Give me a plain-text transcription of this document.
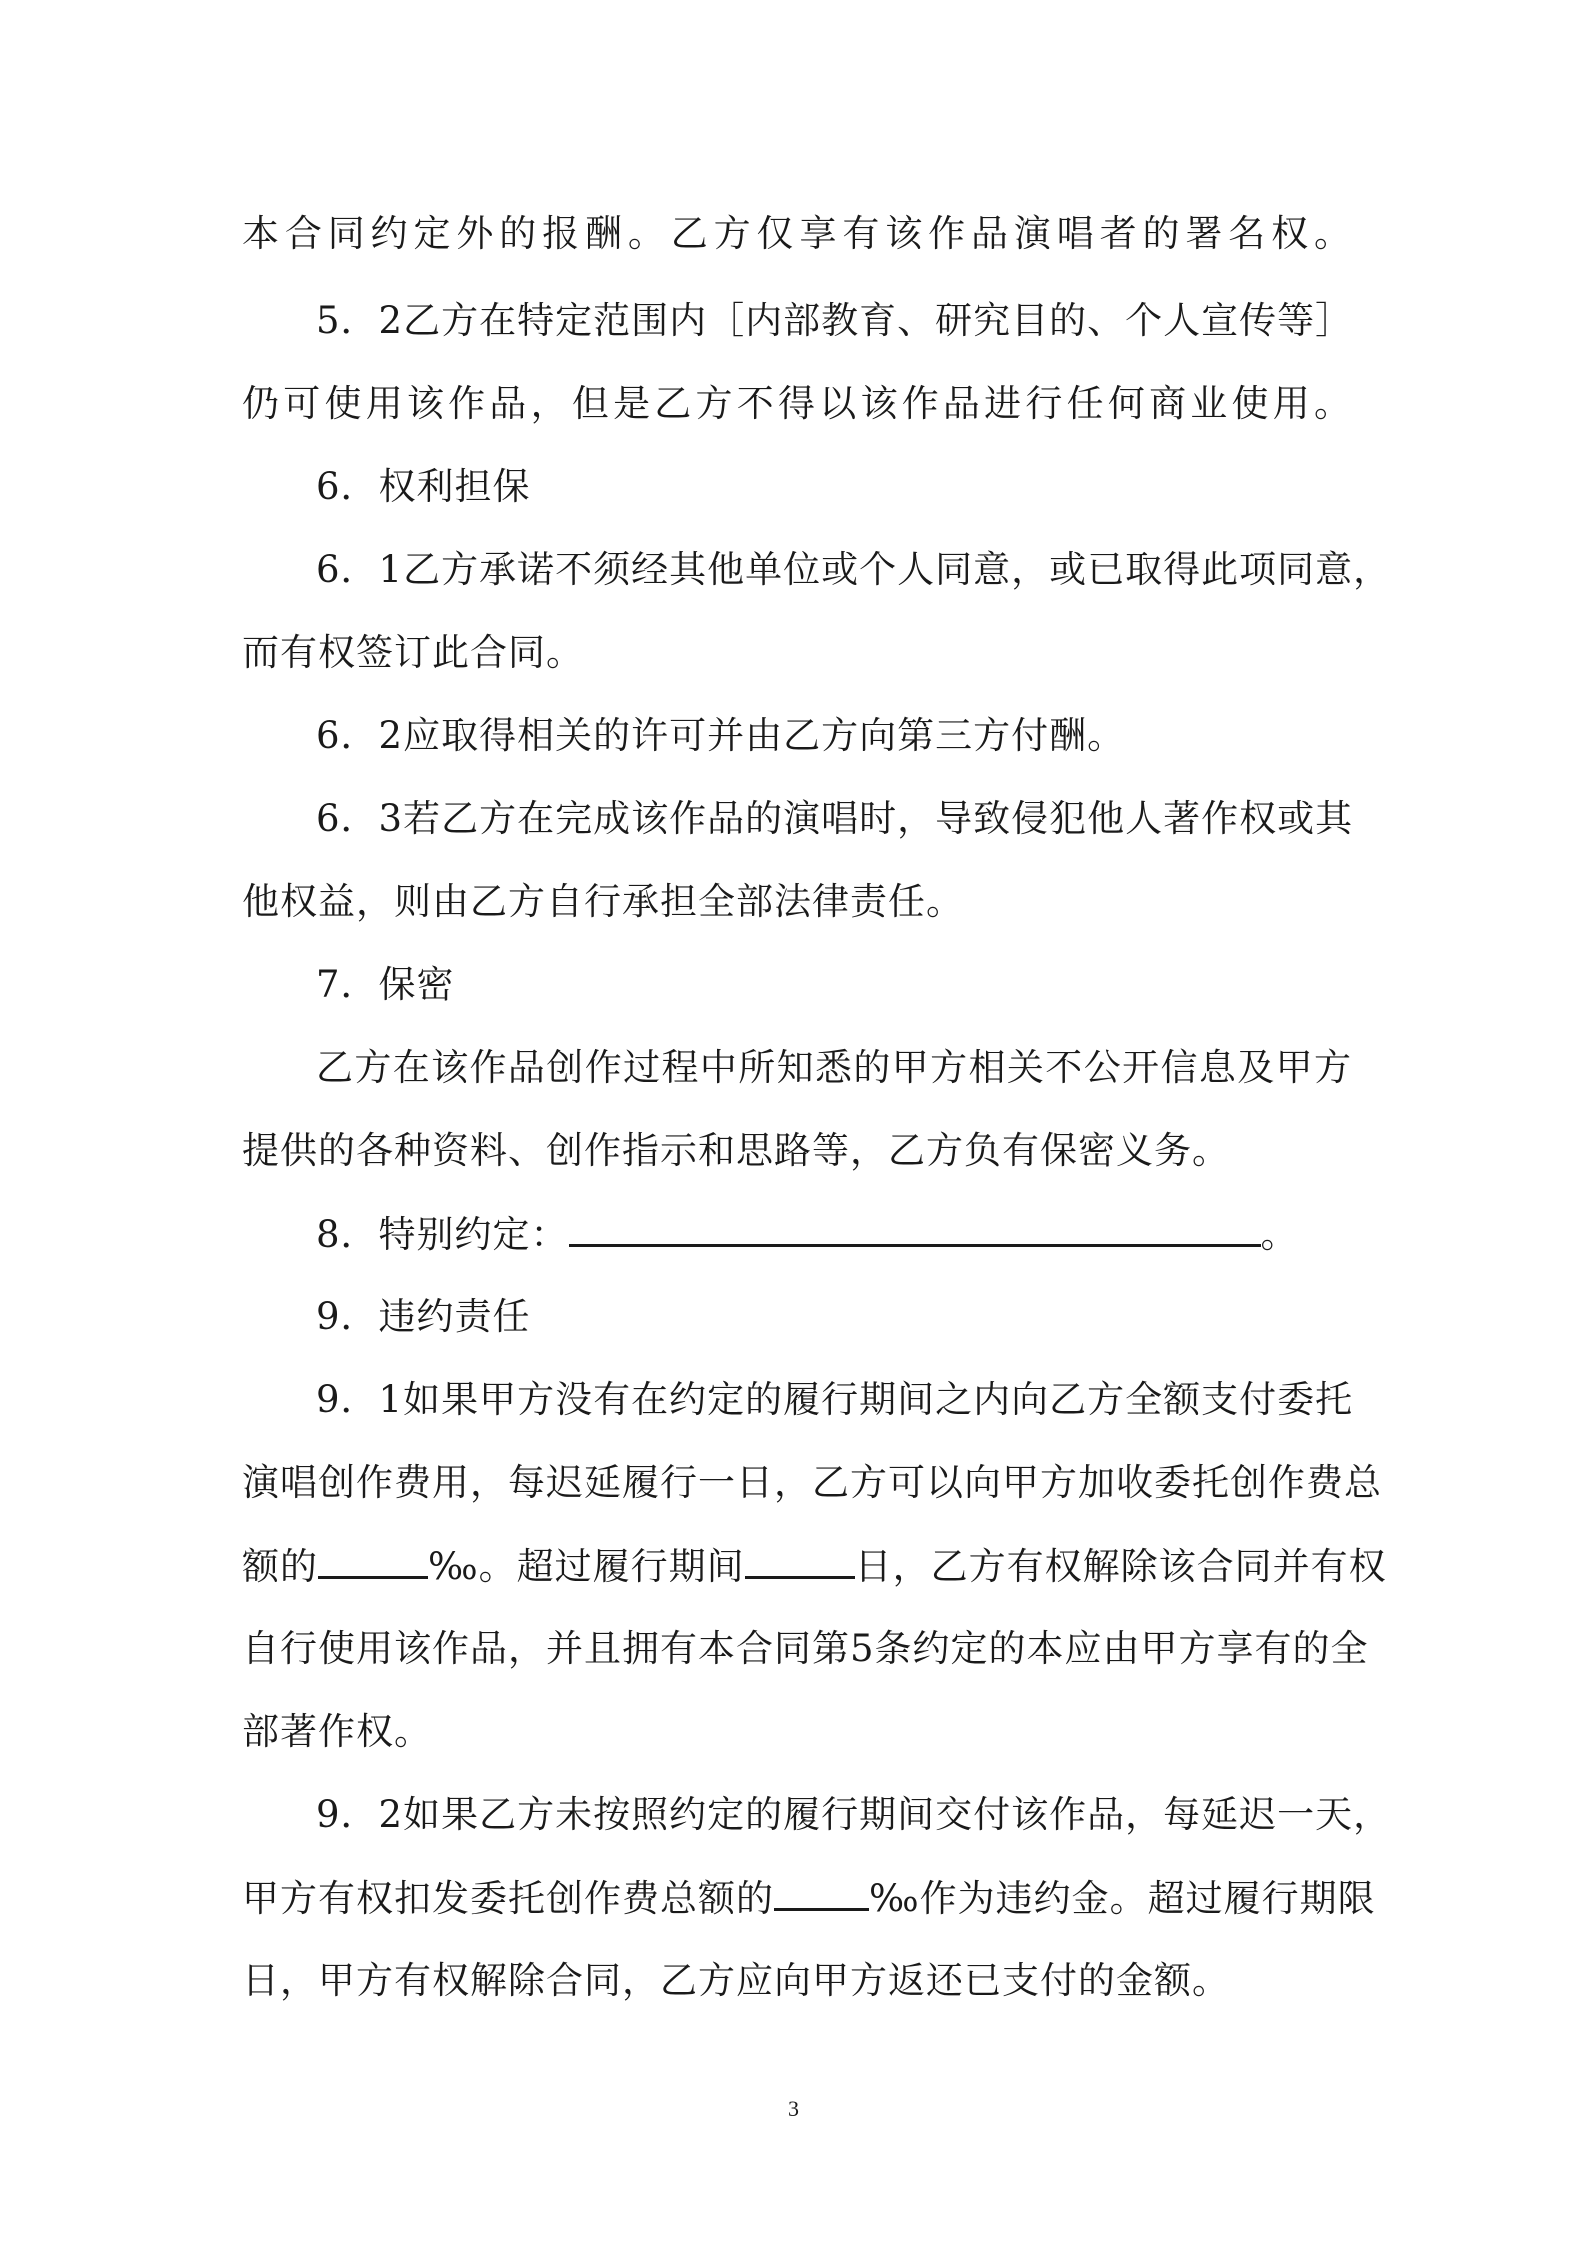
本合同约定外的报酬。乙方仅享有该作品演唱者的署名权。
5．2乙方在特定范围内［内部教育、研究目的、个人宣传等］
仍可使用该作品，但是乙方不得以该作品进行任何商业使用。
6．权利担保
6．1乙方承诺不须经其他单位或个人同意，或已取得此项同意，
而有权签订此合同。
6．2应取得相关的许可并由乙方向第三方付酬。
6．3若乙方在完成该作品的演唱时，导致侵犯他人著作权或其
他权益，则由乙方自行承担全部法律责任。
7．保密
乙方在该作品创作过程中所知悉的甲方相关不公开信息及甲方
提供的各种资料、创作指示和思路等，乙方负有保密义务。
8．特别约定：	。
9．违约责任
9．1如果甲方没有在约定的履行期间之内向乙方全额支付委托
演唱创作费用，每迟延履行一日，乙方可以向甲方加收委托创作费总
额的	‰。超过履行期间	日，乙方有权解除该合同并有权
自行使用该作品，并且拥有本合同第5条约定的本应由甲方享有的全
部著作权。
9．2如果乙方未按照约定的履行期间交付该作品，每延迟一天，
甲方有权扣发委托创作费总额的	‰作为违约金。超过履行期限
日，甲方有权解除合同，乙方应向甲方返还已支付的金额。
3
